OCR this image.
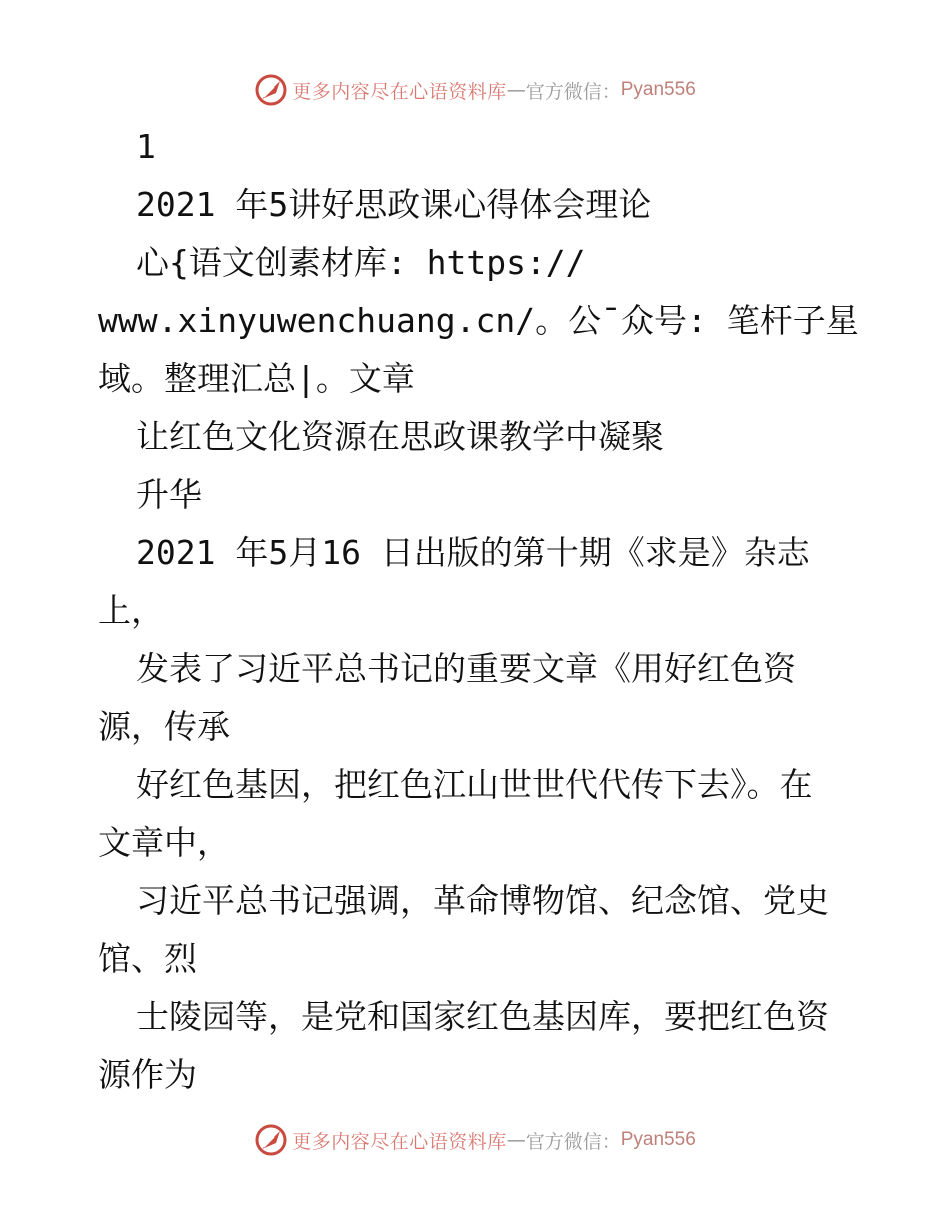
更多内容尽在心语资料库 — 官方微信： Pyan556
1
2021 年5讲好思政课心得体会理论
心{语文创素材库: https://
www.xinyuwenchuang.cn/。公¯众号: 笔杆子星
域。整理汇总|。文章
让红色文化资源在思政课教学中凝聚
升华
2021 年5月16 日出版的第十期《求是》杂志
上，
发表了习近平总书记的重要文章《用好红色资
源，传承
好红色基因，把红色江山世世代代传下去》。在
文章中，
习近平总书记强调，革命博物馆、纪念馆、党史
馆、烈
士陵园等，是党和国家红色基因库，要把红色资
源作为
更多内容尽在心语资料库 — 官方微信： Pyan556
